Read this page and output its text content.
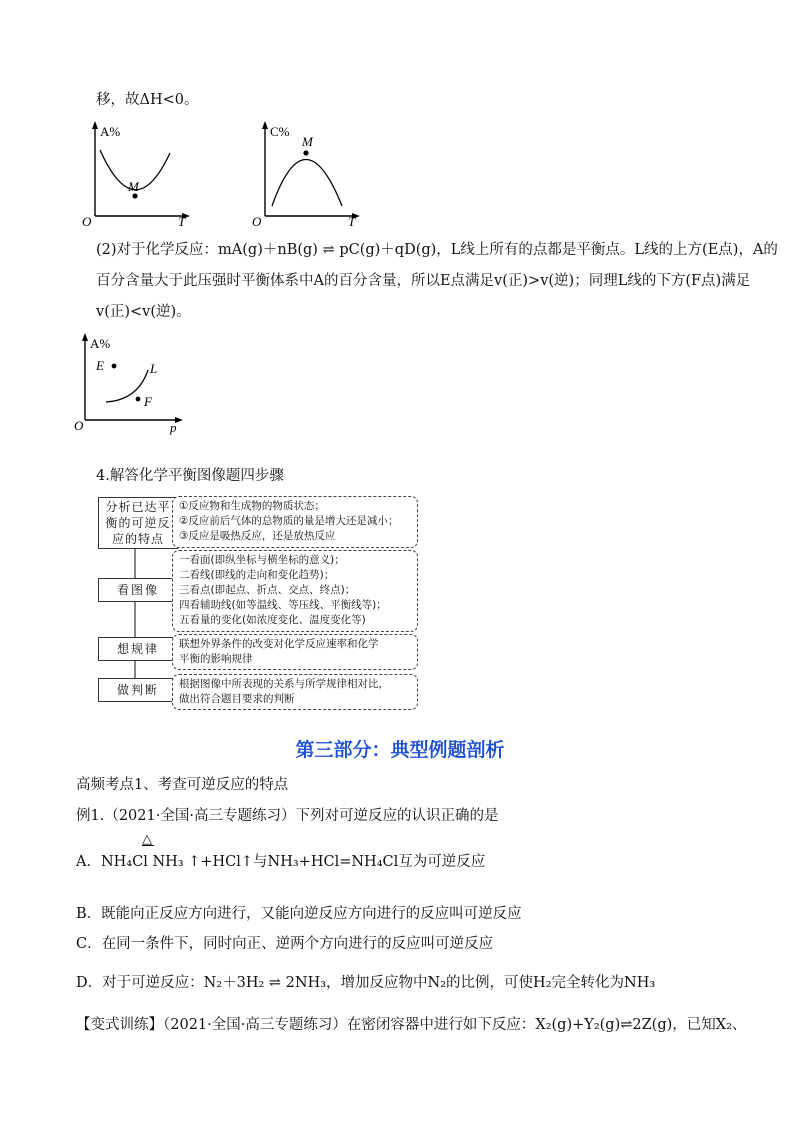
移，故ΔH<0。
A%
M
O	T
C%
M
O	T
(2)对于化学反应：mA(g)＋nB(g) ⇌ pC(g)＋qD(g)，L线上所有的点都是平衡点。L线的上方(E点)，A的
百分含量大于此压强时平衡体系中A的百分含量，所以E点满足v(正)>v(逆)；同理L线的下方(F点)满足
v(正)<v(逆)。
A%
E	L
F
O	p
4.解答化学平衡图像题四步骤
分析已达平衡的可逆反应的特点
①反应物和生成物的物质状态；
②反应前后气体的总物质的量是增大还是减小；
③反应是吸热反应，还是放热反应
看图像
一看面(即纵坐标与横坐标的意义)；
二看线(即线的走向和变化趋势)；
三看点(即起点、折点、交点、终点)；
四看辅助线(如等温线、等压线、平衡线等)；
五看量的变化(如浓度变化、温度变化等)
想规律 联想外界条件的改变对化学反应速率和化学
平衡的影响规律
做判断 根据图像中所表现的关系与所学规律相对比，
做出符合题目要求的判断
第三部分：典型例题剖析
高频考点1、考查可逆反应的特点
例1.（2021·全国·高三专题练习）下列对可逆反应的认识正确的是
△
A．NH₄Cl NH₃ ↑+HCl↑与NH₃+HCl=NH₄Cl互为可逆反应
B．既能向正反应方向进行，又能向逆反应方向进行的反应叫可逆反应
C．在同一条件下，同时向正、逆两个方向进行的反应叫可逆反应
D．对于可逆反应：N₂＋3H₂ ⇌ 2NH₃，增加反应物中N₂的比例，可使H₂完全转化为NH₃
【变式训练】（2021·全国·高三专题练习）在密闭容器中进行如下反应：X₂(g)+Y₂(g)⇌2Z(g)，已知X₂、
